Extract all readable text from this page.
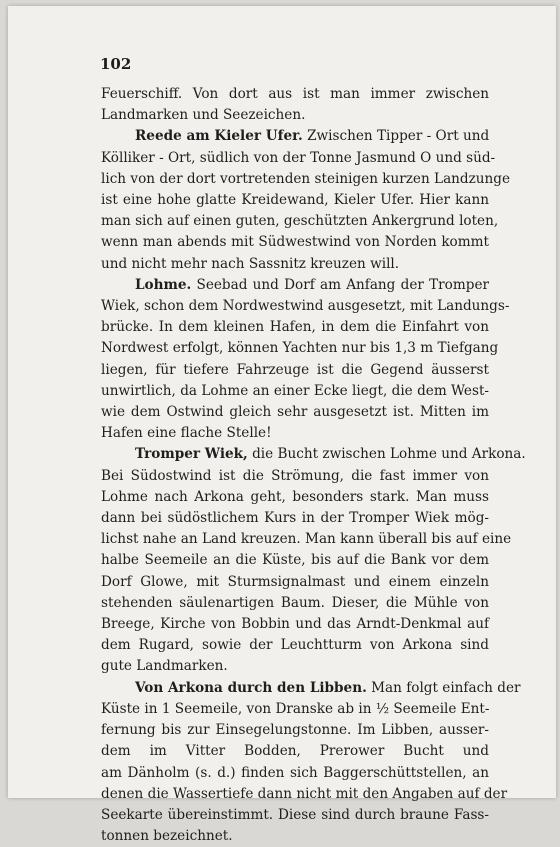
102
Feuerschiff. Von dort aus ist man immer zwischen
Landmarken und Seezeichen.
Reede am Kieler Ufer. Zwischen Tipper - Ort und
Kölliker - Ort, südlich von der Tonne Jasmund O und süd-
lich von der dort vortretenden steinigen kurzen Landzunge
ist eine hohe glatte Kreidewand, Kieler Ufer. Hier kann
man sich auf einen guten, geschützten Ankergrund loten,
wenn man abends mit Südwestwind von Norden kommt
und nicht mehr nach Sassnitz kreuzen will.
Lohme. Seebad und Dorf am Anfang der Tromper
Wiek, schon dem Nordwestwind ausgesetzt, mit Landungs-
brücke. In dem kleinen Hafen, in dem die Einfahrt von
Nordwest erfolgt, können Yachten nur bis 1,3 m Tiefgang
liegen, für tiefere Fahrzeuge ist die Gegend äusserst
unwirtlich, da Lohme an einer Ecke liegt, die dem West-
wie dem Ostwind gleich sehr ausgesetzt ist. Mitten im
Hafen eine flache Stelle!
Tromper Wiek, die Bucht zwischen Lohme und Arkona.
Bei Südostwind ist die Strömung, die fast immer von
Lohme nach Arkona geht, besonders stark. Man muss
dann bei südöstlichem Kurs in der Tromper Wiek mög-
lichst nahe an Land kreuzen. Man kann überall bis auf eine
halbe Seemeile an die Küste, bis auf die Bank vor dem
Dorf Glowe, mit Sturmsignalmast und einem einzeln
stehenden säulenartigen Baum. Dieser, die Mühle von
Breege, Kirche von Bobbin und das Arndt-Denkmal auf
dem Rugard, sowie der Leuchtturm von Arkona sind
gute Landmarken.
Von Arkona durch den Libben. Man folgt einfach der
Küste in 1 Seemeile, von Dranske ab in ½ Seemeile Ent-
fernung bis zur Einsegelungstonne. Im Libben, ausser-
dem im Vitter Bodden, Prerower Bucht und
am Dänholm (s. d.) finden sich Baggerschüttstellen, an
denen die Wassertiefe dann nicht mit den Angaben auf der
Seekarte übereinstimmt. Diese sind durch braune Fass-
tonnen bezeichnet.
